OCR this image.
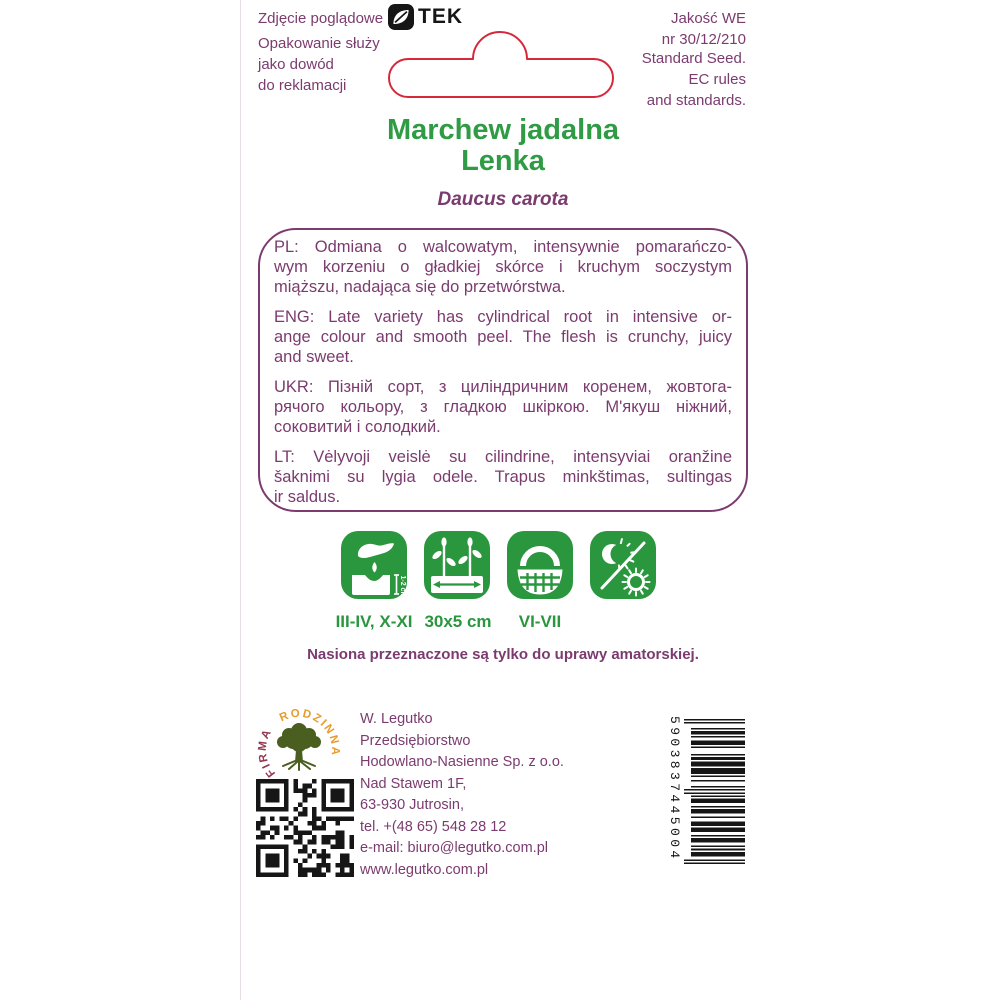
Zdjęcie poglądowe
Opakowanie służy
jako dowód
do reklamacji
TEK	Jakość WE
nr 30/12/210
Standard Seed.
EC rules
and standards.
Marchew jadalna
Lenka
Daucus carota
PL: Odmiana o walcowatym, intensywnie pomarańczo-
wym korzeniu o gładkiej skórce i kruchym soczystym
miąższu, nadająca się do przetwórstwa.
ENG: Late variety has cylindrical root in intensive or-
ange colour and smooth peel. The flesh is crunchy, juicy
and sweet.
UKR: Пізній сорт, з циліндричним коренем, жовтога-
рячого кольору, з гладкою шкіркою. М'якуш ніжний,
соковитий і солодкий.
LT: Vėlyvoji veislė su cilindrine, intensyviai oranžine
šaknimi su lygia odele. Trapus minkštimas, sultingas
ir saldus.
1-2 cm
III-IV, X-XI 30x5 cm VI-VII
Nasiona przeznaczone są tylko do uprawy amatorskiej.
FIRMA RODZINNA
W. Legutko
Przedsiębiorstwo
Hodowlano-Nasienne Sp. z o.o.
Nad Stawem 1F,
63-930 Jutrosin,
tel. +(48 65) 548 28 12
e-mail: biuro@legutko.com.pl
www.legutko.com.pl
5903837445004
